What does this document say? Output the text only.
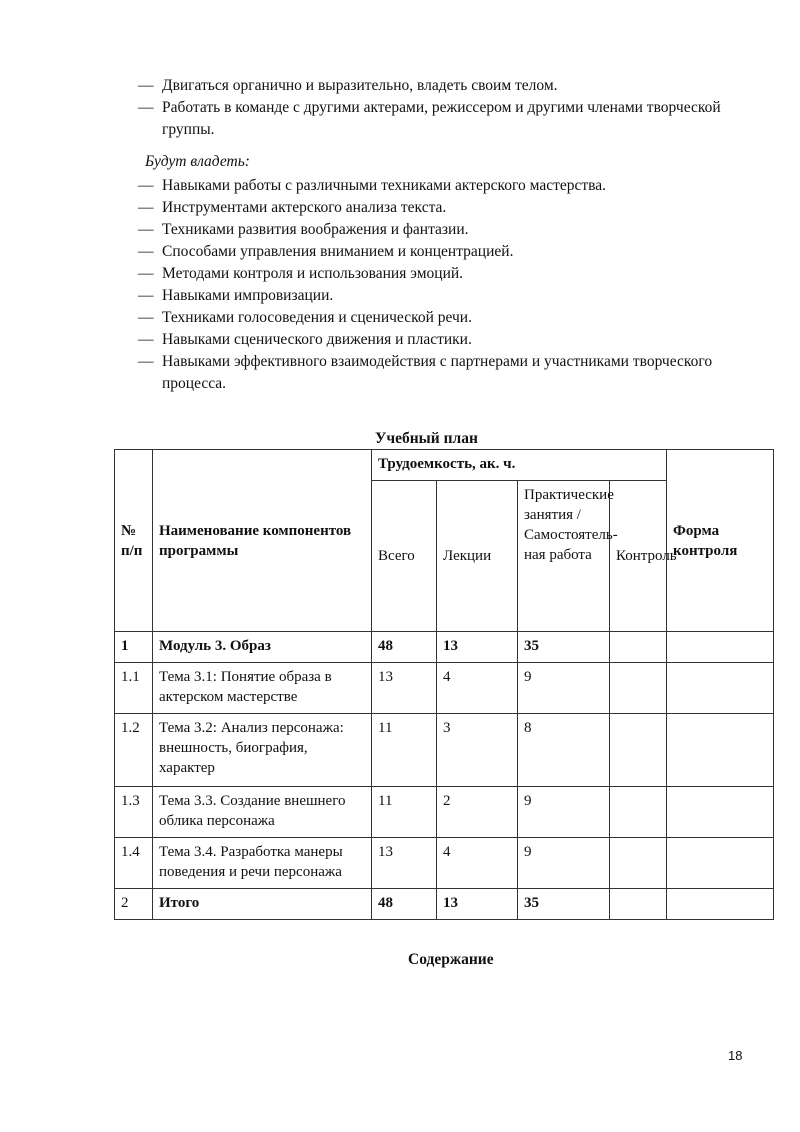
— Двигаться органично и выразительно, владеть своим телом.
— Работать в команде с другими актерами, режиссером и другими членами творческой группы.
Будут владеть:
— Навыками работы с различными техниками актерского мастерства.
— Инструментами актерского анализа текста.
— Техниками развития воображения и фантазии.
— Способами управления вниманием и концентрацией.
— Методами контроля и использования эмоций.
— Навыками импровизации.
— Техниками голосоведения и сценической речи.
— Навыками сценического движения и пластики.
— Навыками эффективного взаимодействия с партнерами и участниками творческого процесса.
Учебный план
№ п/п	Наименование компонентов программы	Трудоемкость, ак. ч.				Форма контроля
		Всего	Лекции	Практические занятия / Самостоятель-ная работа	Контроль	
1	Модуль 3. Образ	48	13	35		
1.1	Тема 3.1: Понятие образа в актерском мастерстве	13	4	9		
1.2	Тема 3.2: Анализ персонажа: внешность, биография, характер	11	3	8		
1.3	Тема 3.3. Создание внешнего облика персонажа	11	2	9		
1.4	Тема 3.4. Разработка манеры поведения и речи персонажа	13	4	9		
2	Итого	48	13	35		
Содержание
18
